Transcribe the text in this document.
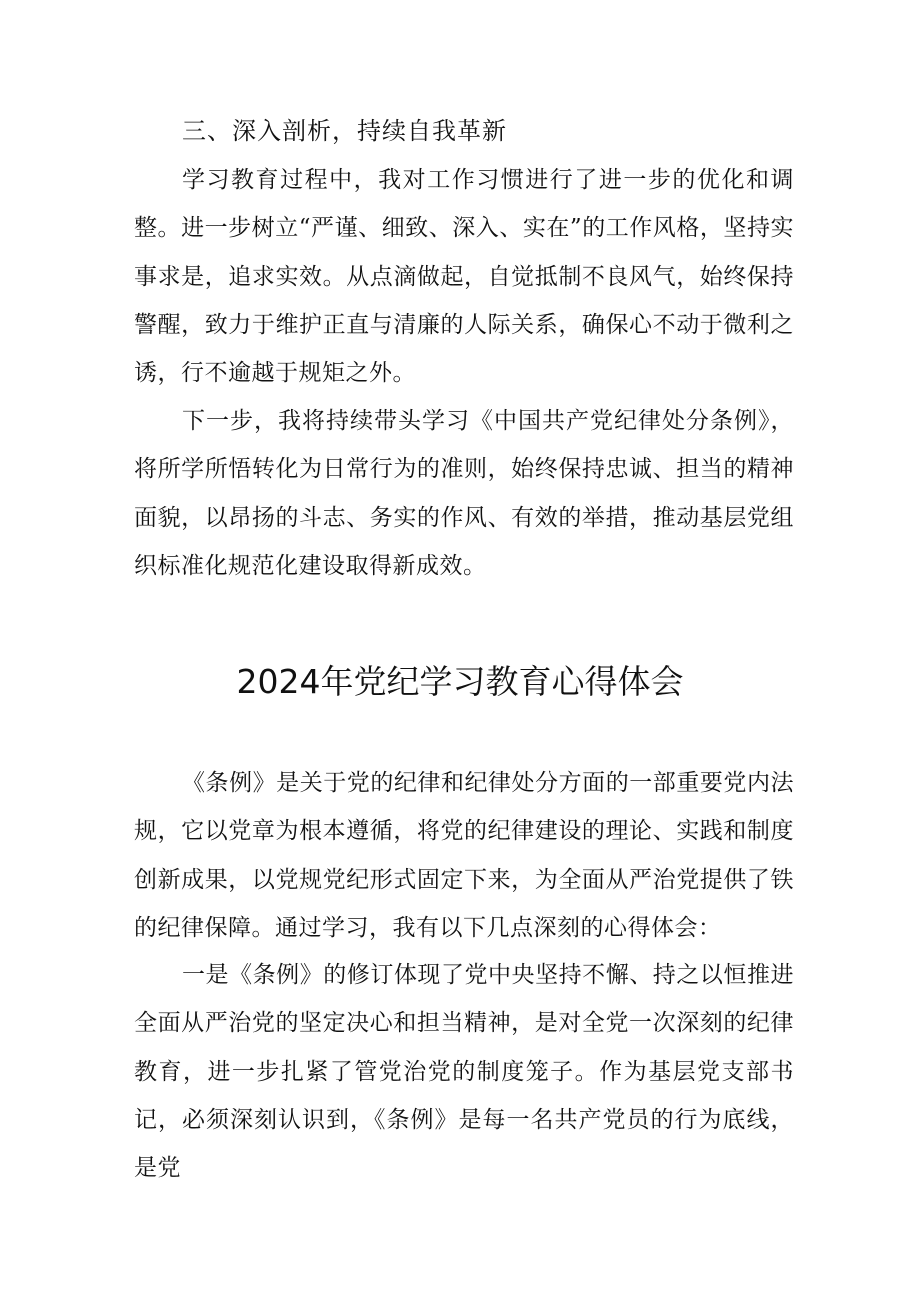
三、深入剖析，持续自我革新

学习教育过程中，我对工作习惯进行了进一步的优化和调整。进一步树立“严谨、细致、深入、实在”的工作风格，坚持实事求是，追求实效。从点滴做起，自觉抵制不良风气，始终保持警醒，致力于维护正直与清廉的人际关系，确保心不动于微利之诱，行不逾越于规矩之外。

下一步，我将持续带头学习《中国共产党纪律处分条例》，将所学所悟转化为日常行为的准则，始终保持忠诚、担当的精神面貌，以昂扬的斗志、务实的作风、有效的举措，推动基层党组织标准化规范化建设取得新成效。

2024年党纪学习教育心得体会

《条例》是关于党的纪律和纪律处分方面的一部重要党内法规，它以党章为根本遵循，将党的纪律建设的理论、实践和制度创新成果，以党规党纪形式固定下来，为全面从严治党提供了铁的纪律保障。通过学习，我有以下几点深刻的心得体会：

一是《条例》的修订体现了党中央坚持不懈、持之以恒推进全面从严治党的坚定决心和担当精神，是对全党一次深刻的纪律教育，进一步扎紧了管党治党的制度笼子。作为基层党支部书记，必须深刻认识到，《条例》是每一名共产党员的行为底线，是党
